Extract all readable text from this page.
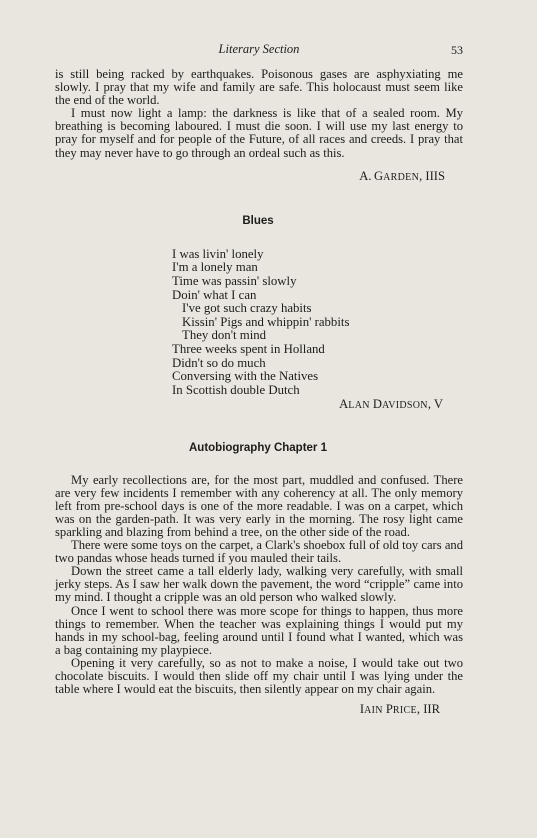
Literary Section	53

is still being racked by earthquakes. Poisonous gases are asphyxiating me slowly. I pray that my wife and family are safe. This holocaust must seem like the end of the world.

I must now light a lamp: the darkness is like that of a sealed room. My breathing is becoming laboured. I must die soon. I will use my last energy to pray for myself and for people of the Future, of all races and creeds. I pray that they may never have to go through an ordeal such as this.

A.  GARDEN, IIIS
Blues
I was livin' lonely
I'm a lonely man
Time was passin' slowly
Doin' what I can
I've got such crazy habits
Kissin' Pigs and whippin' rabbits
They don't mind
Three weeks spent in Holland
Didn't so do much
Conversing with the Natives
In Scottish double Dutch
ALAN DAVIDSON, V
Autobiography Chapter 1

My early recollections are, for the most part, muddled and confused. There are very few incidents I remember with any coherency at all. The only memory left from pre-school days is one of the more readable. I was on a carpet, which was on the garden-path. It was very early in the morning. The rosy light came sparkling and blazing from behind a tree, on the other side of the road.

There were some toys on the carpet, a Clark's shoebox full of old toy cars and two pandas whose heads turned if you mauled their tails.

Down the street came a tall elderly lady, walking very carefully, with small jerky steps. As I saw her walk down the pavement, the word “cripple” came into my mind. I thought a cripple was an old person who walked slowly.

Once I went to school there was more scope for things to happen, thus more things to remember. When the teacher was explaining things I would put my hands in my school-bag, feeling around until I found what I wanted, which was a bag containing my playpiece.

Opening it very carefully, so as not to make a noise, I would take out two chocolate biscuits. I would then slide off my chair until I was lying under the table where I would eat the biscuits, then silently appear on my chair again.

IAIN PRICE, IIR
